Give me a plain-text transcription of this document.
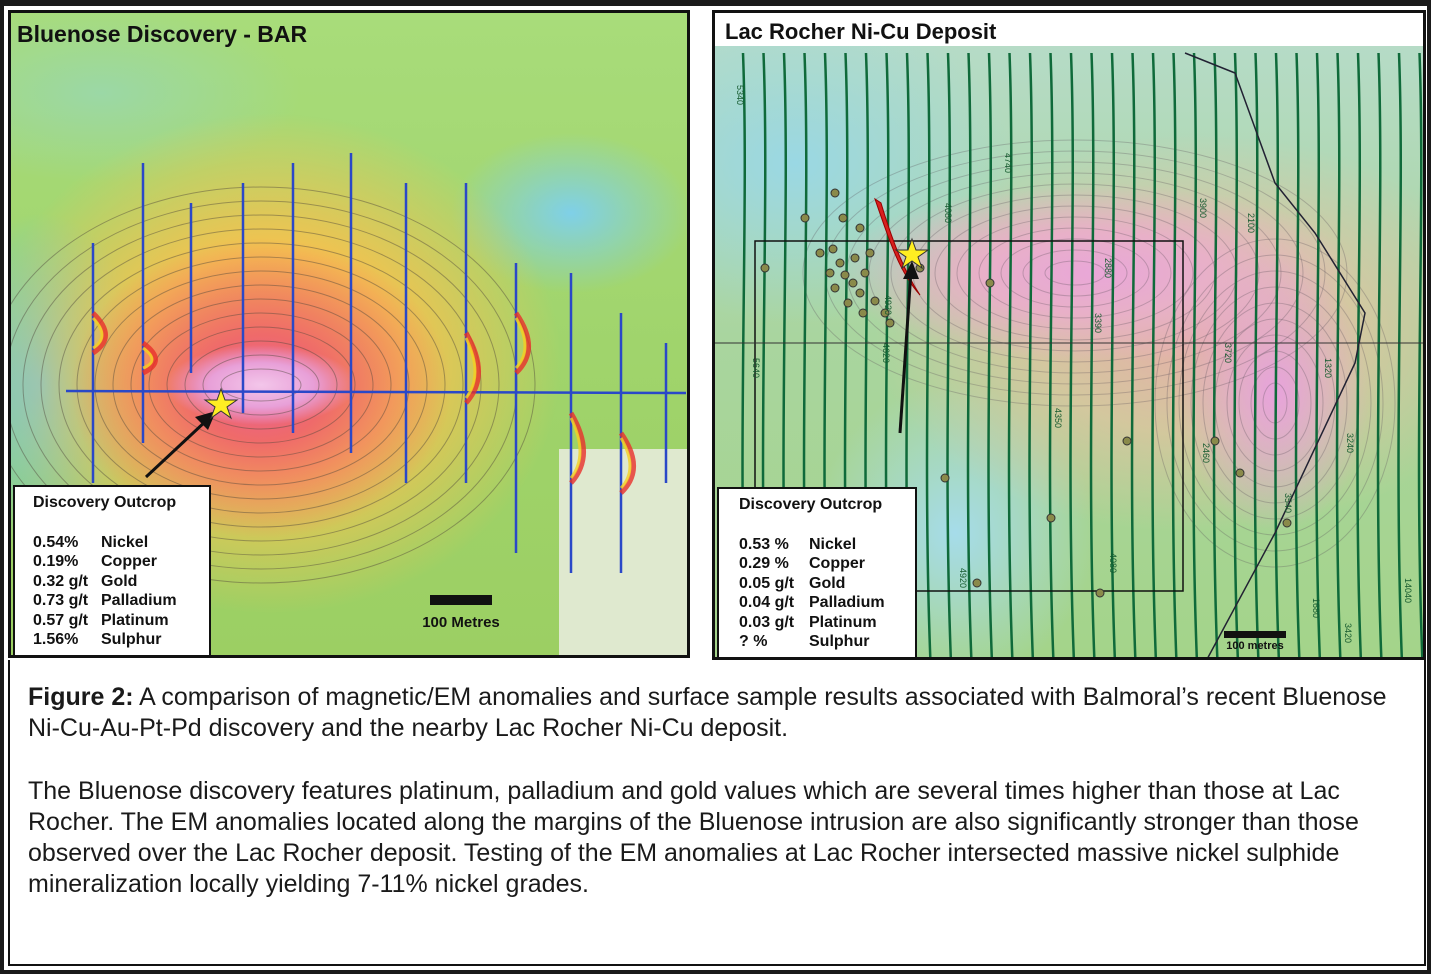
Bluenose Discovery - BAR
Discovery Outcrop
0.54% Nickel
0.19% Copper
0.32 g/t Gold
0.73 g/t Palladium
0.57 g/t Platinum
1.56% Sulphur
100 Metres
5340
4740
4080	3900
2100
2880
3390
3720
1320
4620
4920
5640
4350
2460
3540
3240
4920
4080
1680
3420
14040
Lac Rocher Ni-Cu Deposit
Discovery Outcrop
0.53 % Nickel
0.29 % Copper
0.05 g/t Gold
0.04 g/t Palladium
0.03 g/t Platinum
? %	Sulphur	100 metres

Figure 2: A comparison of magnetic/EM anomalies and surface sample results associated with Balmoral’s recent Bluenose Ni-Cu-Au-Pt-Pd discovery and the nearby Lac Rocher Ni-Cu deposit.

The Bluenose discovery features platinum, palladium and gold values which are several times higher than those at Lac Rocher. The EM anomalies located along the margins of the Bluenose intrusion are also significantly stronger than those observed over the Lac Rocher deposit. Testing of the EM anomalies at Lac Rocher intersected massive nickel sulphide mineralization locally yielding 7-11% nickel grades.
